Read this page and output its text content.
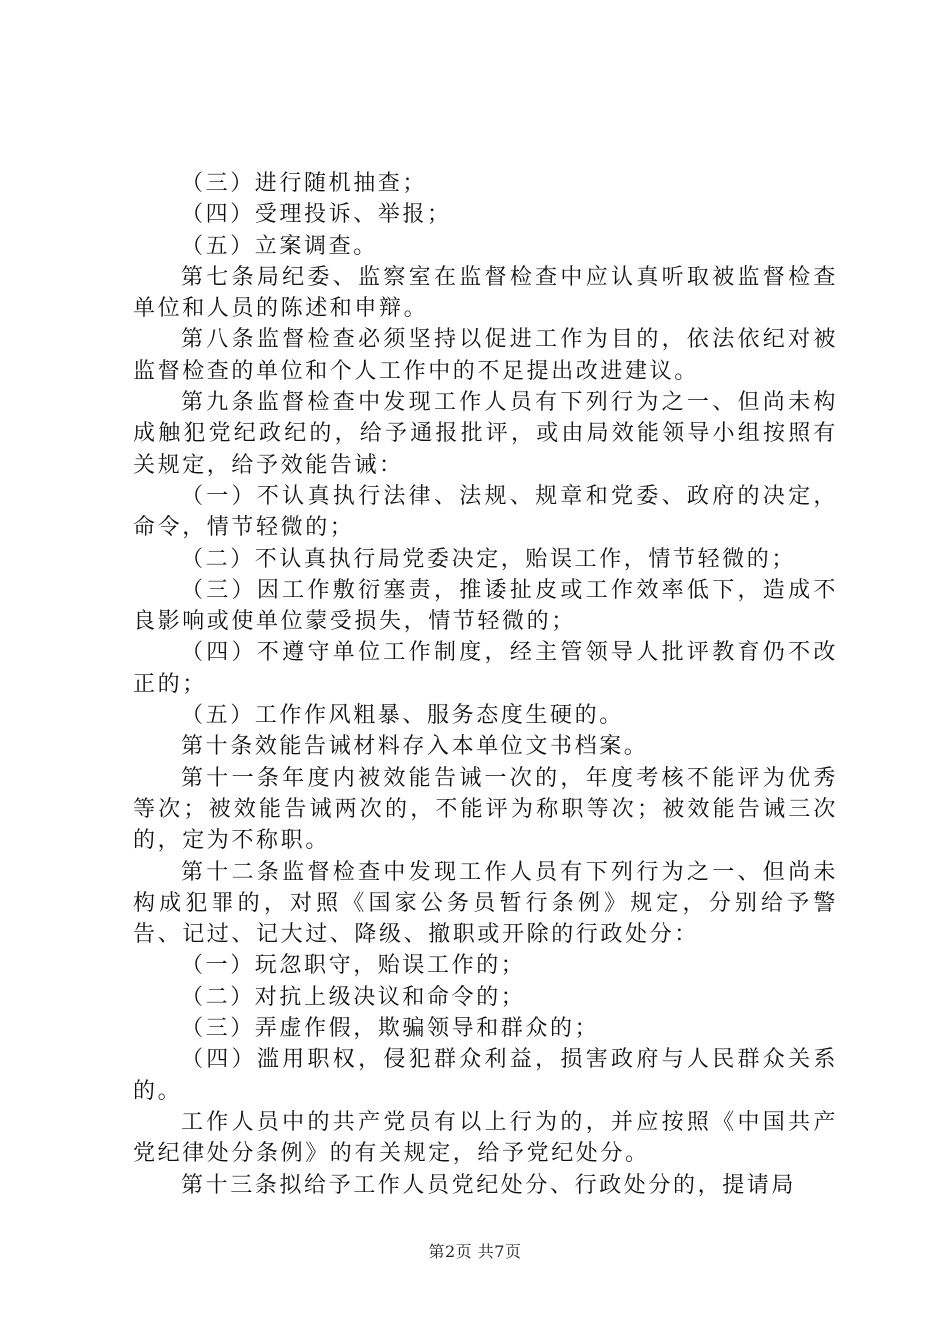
（三）进行随机抽查；

（四）受理投诉、举报；

（五）立案调查。

第七条局纪委、监察室在监督检查中应认真听取被监督检查单位和人员的陈述和申辩。

第八条监督检查必须坚持以促进工作为目的，依法依纪对被监督检查的单位和个人工作中的不足提出改进建议。

第九条监督检查中发现工作人员有下列行为之一、但尚未构成触犯党纪政纪的，给予通报批评，或由局效能领导小组按照有关规定，给予效能告诫：

（一）不认真执行法律、法规、规章和党委、政府的决定，命令，情节轻微的；

（二）不认真执行局党委决定，贻误工作，情节轻微的；

（三）因工作敷衍塞责，推诿扯皮或工作效率低下，造成不良影响或使单位蒙受损失，情节轻微的；

（四）不遵守单位工作制度，经主管领导人批评教育仍不改正的；

（五）工作作风粗暴、服务态度生硬的。

第十条效能告诫材料存入本单位文书档案。

第十一条年度内被效能告诫一次的，年度考核不能评为优秀等次；被效能告诫两次的，不能评为称职等次；被效能告诫三次的，定为不称职。

第十二条监督检查中发现工作人员有下列行为之一、但尚未构成犯罪的，对照《国家公务员暂行条例》规定，分别给予警告、记过、记大过、降级、撤职或开除的行政处分：

（一）玩忽职守，贻误工作的；

（二）对抗上级决议和命令的；

（三）弄虚作假，欺骗领导和群众的；

（四）滥用职权，侵犯群众利益，损害政府与人民群众关系的。

工作人员中的共产党员有以上行为的，并应按照《中国共产党纪律处分条例》的有关规定，给予党纪处分。

第十三条拟给予工作人员党纪处分、行政处分的，提请局

第2页 共7页
